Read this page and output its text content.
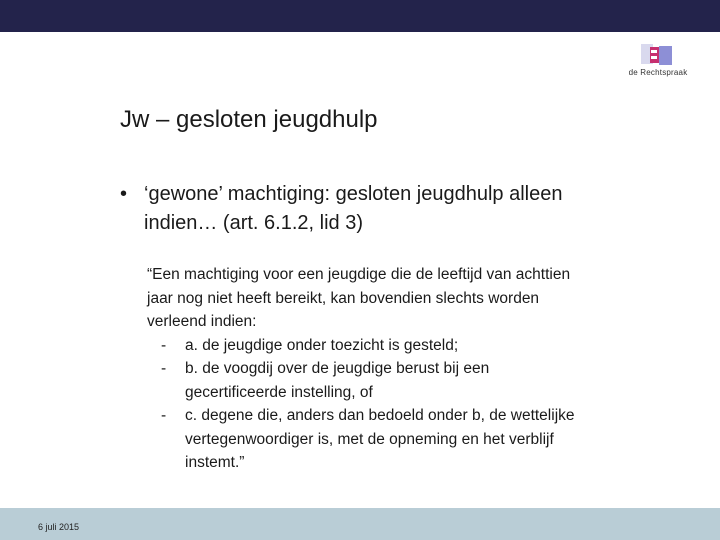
de Rechtspraak
Jw – gesloten jeugdhulp
• ‘gewone’ machtiging: gesloten jeugdhulp alleen indien… (art. 6.1.2, lid 3)
“Een machtiging voor een jeugdige die de leeftijd van achttien jaar nog niet heeft bereikt, kan bovendien slechts worden verleend indien:
- a. de jeugdige onder toezicht is gesteld;
- b. de voogdij over de jeugdige berust bij een gecertificeerde instelling, of
- c. degene die, anders dan bedoeld onder b, de wettelijke vertegenwoordiger is, met de opneming en het verblijf instemt.”
6 juli 2015
